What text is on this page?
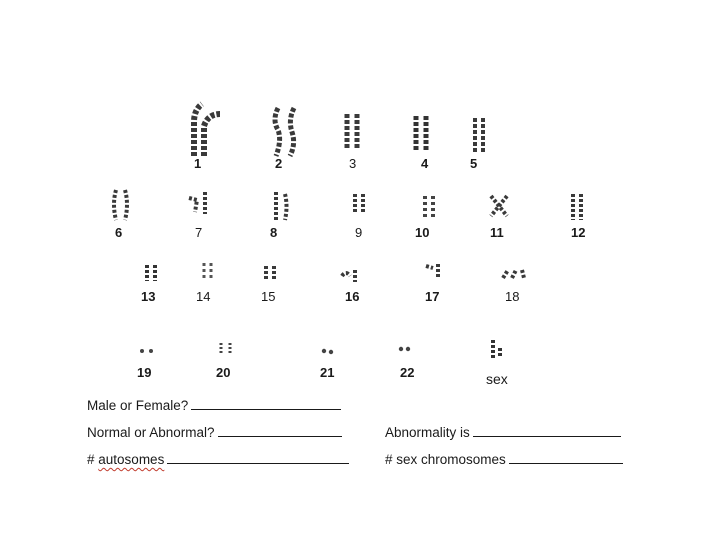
1	2	3	4	5
6	7	8	9	10	11	12
13	14	15	16	17	18
19	20	21	22	sex
Male or Female?
Normal or Abnormal?	Abnormality is
# autosomes	# sex chromosomes
